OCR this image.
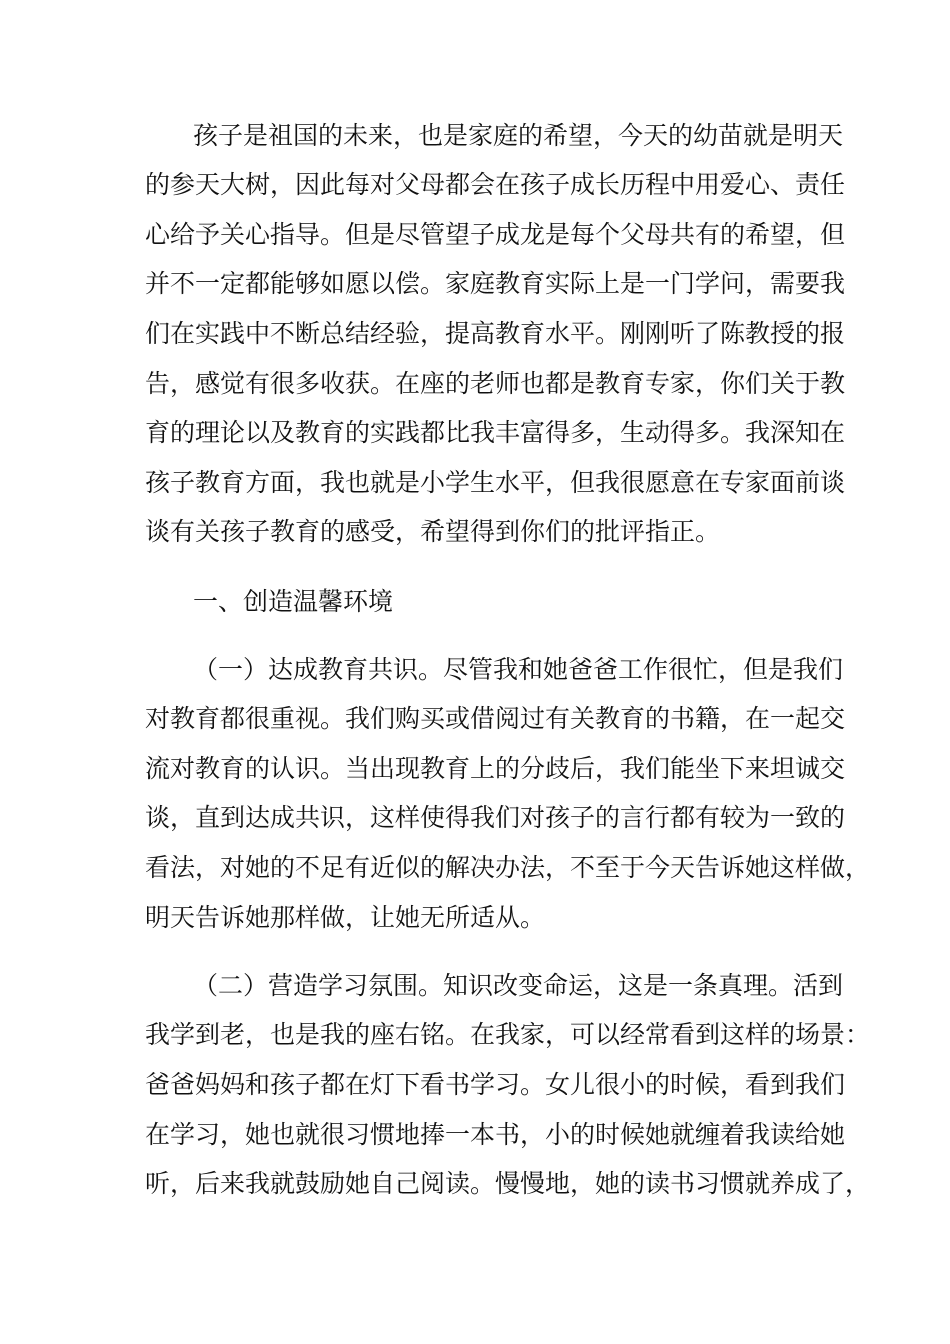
孩子是祖国的未来，也是家庭的希望，今天的幼苗就是明天

的参天大树，因此每对父母都会在孩子成长历程中用爱心、责任

心给予关心指导。但是尽管望子成龙是每个父母共有的希望，但

并不一定都能够如愿以偿。家庭教育实际上是一门学问，需要我

们在实践中不断总结经验，提高教育水平。刚刚听了陈教授的报

告，感觉有很多收获。在座的老师也都是教育专家，你们关于教

育的理论以及教育的实践都比我丰富得多，生动得多。我深知在

孩子教育方面，我也就是小学生水平，但我很愿意在专家面前谈

谈有关孩子教育的感受，希望得到你们的批评指正。

一、创造温馨环境

（一）达成教育共识。尽管我和她爸爸工作很忙，但是我们

对教育都很重视。我们购买或借阅过有关教育的书籍，在一起交

流对教育的认识。当出现教育上的分歧后，我们能坐下来坦诚交

谈，直到达成共识，这样使得我们对孩子的言行都有较为一致的

看法，对她的不足有近似的解决办法，不至于今天告诉她这样做，

明天告诉她那样做，让她无所适从。

（二）营造学习氛围。知识改变命运，这是一条真理。活到

我学到老，也是我的座右铭。在我家，可以经常看到这样的场景：

爸爸妈妈和孩子都在灯下看书学习。女儿很小的时候，看到我们

在学习，她也就很习惯地捧一本书，小的时候她就缠着我读给她

听，后来我就鼓励她自己阅读。慢慢地，她的读书习惯就养成了，
